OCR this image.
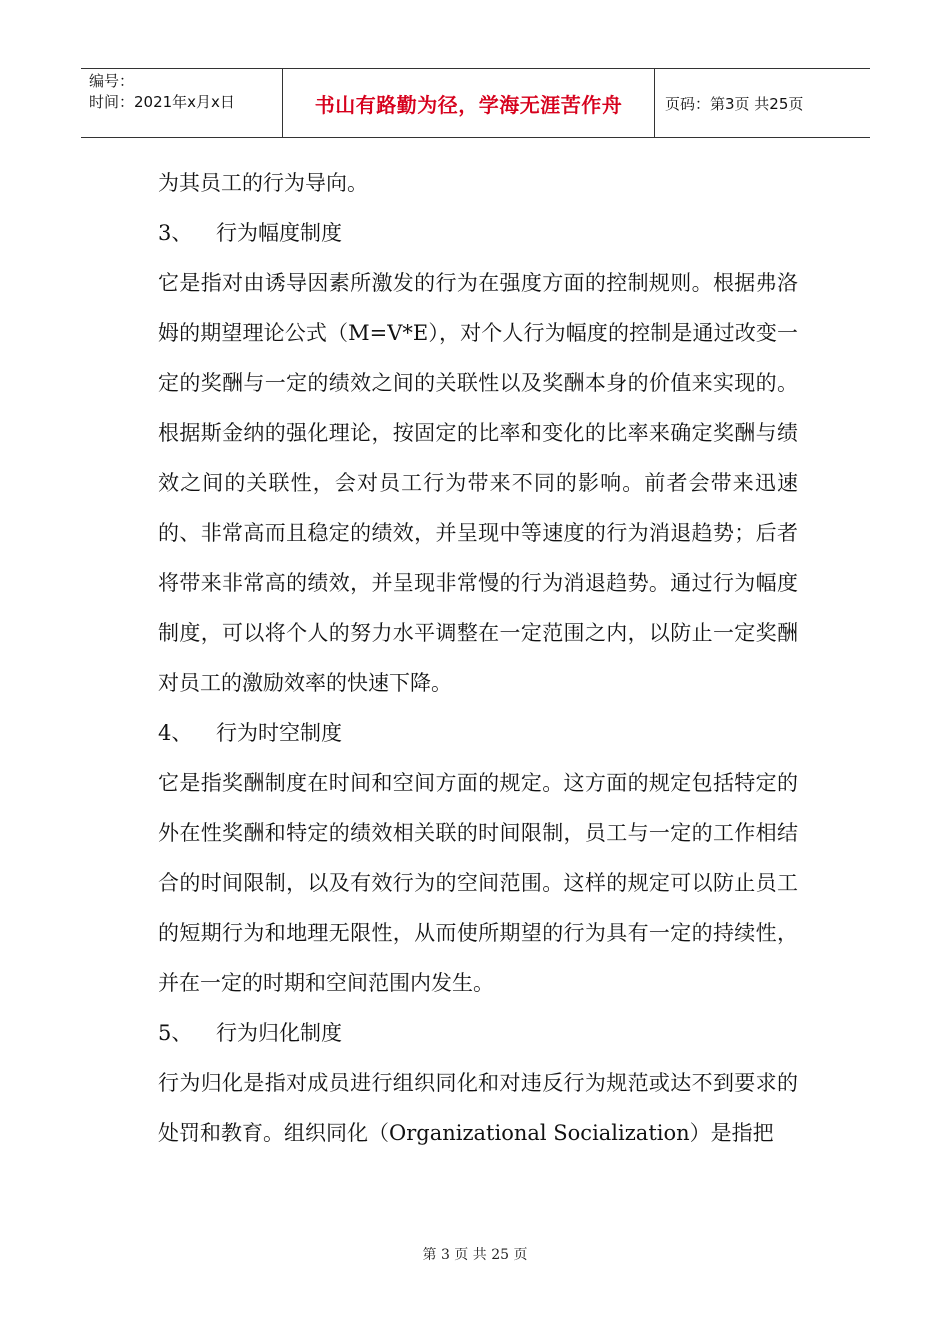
编号：
时间：2021年x月x日	书山有路勤为径，学海无涯苦作舟	页码：第3页 共25页

为其员工的行为导向。

3、	行为幅度制度

它是指对由诱导因素所激发的行为在强度方面的控制规则。根据弗洛姆的期望理论公式（M=V*E），对个人行为幅度的控制是通过改变一定的奖酬与一定的绩效之间的关联性以及奖酬本身的价值来实现的。根据斯金纳的强化理论，按固定的比率和变化的比率来确定奖酬与绩效之间的关联性，会对员工行为带来不同的影响。前者会带来迅速的、非常高而且稳定的绩效，并呈现中等速度的行为消退趋势；后者将带来非常高的绩效，并呈现非常慢的行为消退趋势。通过行为幅度制度，可以将个人的努力水平调整在一定范围之内，以防止一定奖酬对员工的激励效率的快速下降。

4、	行为时空制度

它是指奖酬制度在时间和空间方面的规定。这方面的规定包括特定的外在性奖酬和特定的绩效相关联的时间限制，员工与一定的工作相结合的时间限制，以及有效行为的空间范围。这样的规定可以防止员工的短期行为和地理无限性，从而使所期望的行为具有一定的持续性，并在一定的时期和空间范围内发生。

5、	行为归化制度

行为归化是指对成员进行组织同化和对违反行为规范或达不到要求的处罚和教育。组织同化（Organizational Socialization）是指把

第 3 页 共 25 页
